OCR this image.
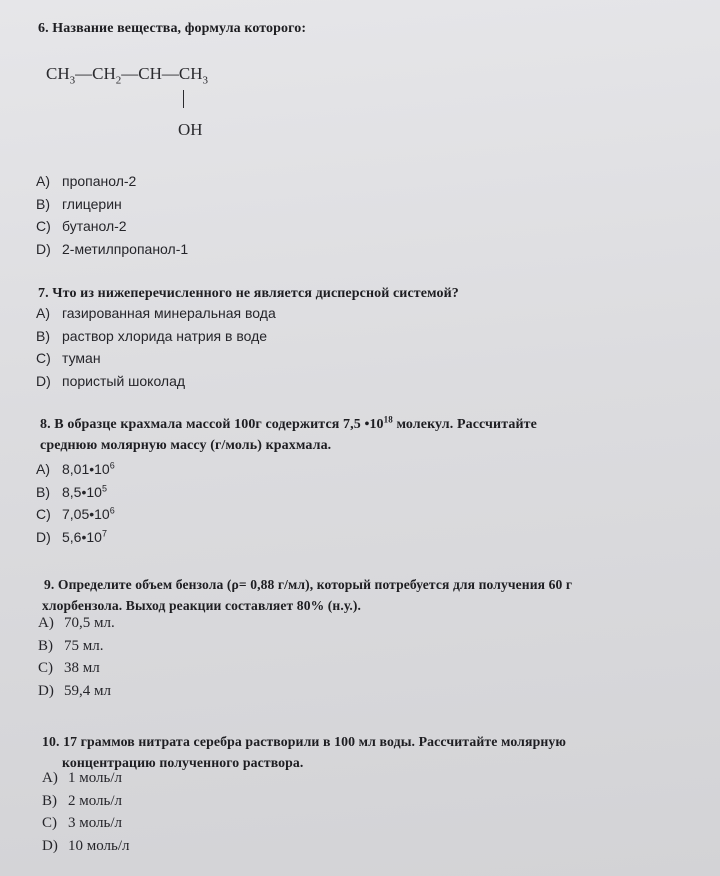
6. Название вещества, формула которого:
$CH_3—CH_2—CH—CH_3$
OH
A) пропанол-2
B) глицерин
C) бутанол-2
D) 2-метилпропанол-1
7. Что из нижеперечисленного не является дисперсной системой?
A) газированная минеральная вода
B) раствор хлорида натрия в воде
C) туман
D) пористый шоколад
8. В образце крахмала массой 100г содержится 7,5 $•10^{18}$ молекул. Рассчитайте
среднюю молярную массу (г/моль) крахмала.
A) $8,01•10^6$
B) $8,5•10^5$
C) $7,05•10^6$
D) $5,6•10^7$
9. Определите объем бензола (ρ= 0,88 г/мл), который потребуется для получения 60 г
хлорбензола. Выход реакции составляет 80% (н.у.).
A) 70,5 мл.
B) 75 мл.
C) 38 мл
D) 59,4 мл
10. 17 граммов нитрата серебра растворили в 100 мл воды. Рассчитайте молярную
концентрацию полученного раствора.
A) 1 моль/л
B) 2 моль/л
C) 3 моль/л
D) 10 моль/л
